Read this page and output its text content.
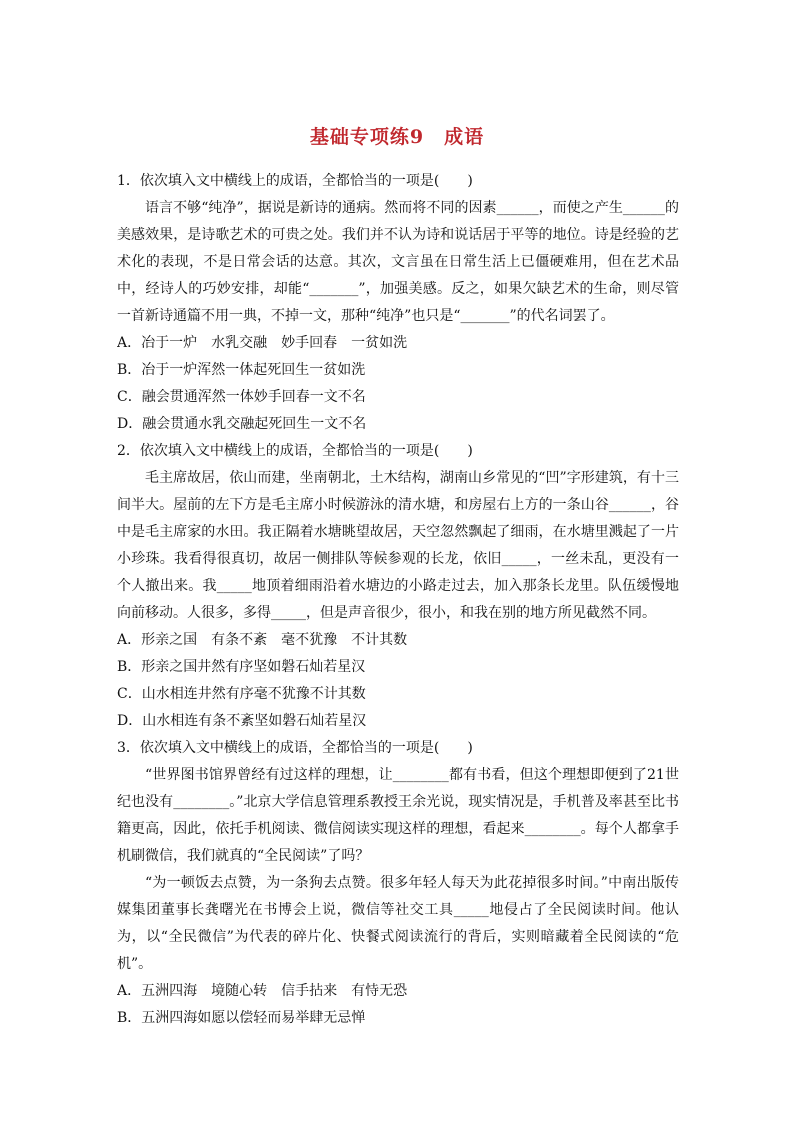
基础专项练9　成语

1．依次填入文中横线上的成语，全都恰当的一项是(　　)

语言不够“纯净”，据说是新诗的通病。然而将不同的因素______，而使之产生______的美感效果，是诗歌艺术的可贵之处。我们并不认为诗和说话居于平等的地位。诗是经验的艺术化的表现，不是日常会话的达意。其次，文言虽在日常生活上已僵硬难用，但在艺术品中，经诗人的巧妙安排，却能“_______”，加强美感。反之，如果欠缺艺术的生命，则尽管一首新诗通篇不用一典，不掉一文，那种“纯净”也只是“_______”的代名词罢了。

A．冶于一炉　水乳交融　妙手回春　一贫如洗

B．冶于一炉浑然一体起死回生一贫如洗

C．融会贯通浑然一体妙手回春一文不名

D．融会贯通水乳交融起死回生一文不名

2．依次填入文中横线上的成语，全都恰当的一项是(　　)

毛主席故居，依山而建，坐南朝北，土木结构，湖南山乡常见的“凹”字形建筑，有十三间半大。屋前的左下方是毛主席小时候游泳的清水塘，和房屋右上方的一条山谷______，谷中是毛主席家的水田。我正隔着水塘眺望故居，天空忽然飘起了细雨，在水塘里溅起了一片小珍珠。我看得很真切，故居一侧排队等候参观的长龙，依旧_____，一丝未乱，更没有一个人撤出来。我_____地顶着细雨沿着水塘边的小路走过去，加入那条长龙里。队伍缓慢地向前移动。人很多，多得_____，但是声音很少，很小，和我在别的地方所见截然不同。

A．形亲之国　有条不紊　毫不犹豫　不计其数

B．形亲之国井然有序坚如磐石灿若星汉

C．山水相连井然有序毫不犹豫不计其数

D．山水相连有条不紊坚如磐石灿若星汉

3．依次填入文中横线上的成语，全都恰当的一项是(　　)

“世界图书馆界曾经有过这样的理想，让________都有书看，但这个理想即便到了21世纪也没有________。”北京大学信息管理系教授王余光说，现实情况是，手机普及率甚至比书籍更高，因此，依托手机阅读、微信阅读实现这样的理想，看起来________。每个人都拿手机刷微信，我们就真的“全民阅读”了吗？

“为一顿饭去点赞，为一条狗去点赞。很多年轻人每天为此花掉很多时间。”中南出版传媒集团董事长龚曙光在书博会上说，微信等社交工具_____地侵占了全民阅读时间。他认为，以“全民微信”为代表的碎片化、快餐式阅读流行的背后，实则暗藏着全民阅读的“危机”。

A．五洲四海　境随心转　信手拈来　有恃无恐

B．五洲四海如愿以偿轻而易举肆无忌惮
